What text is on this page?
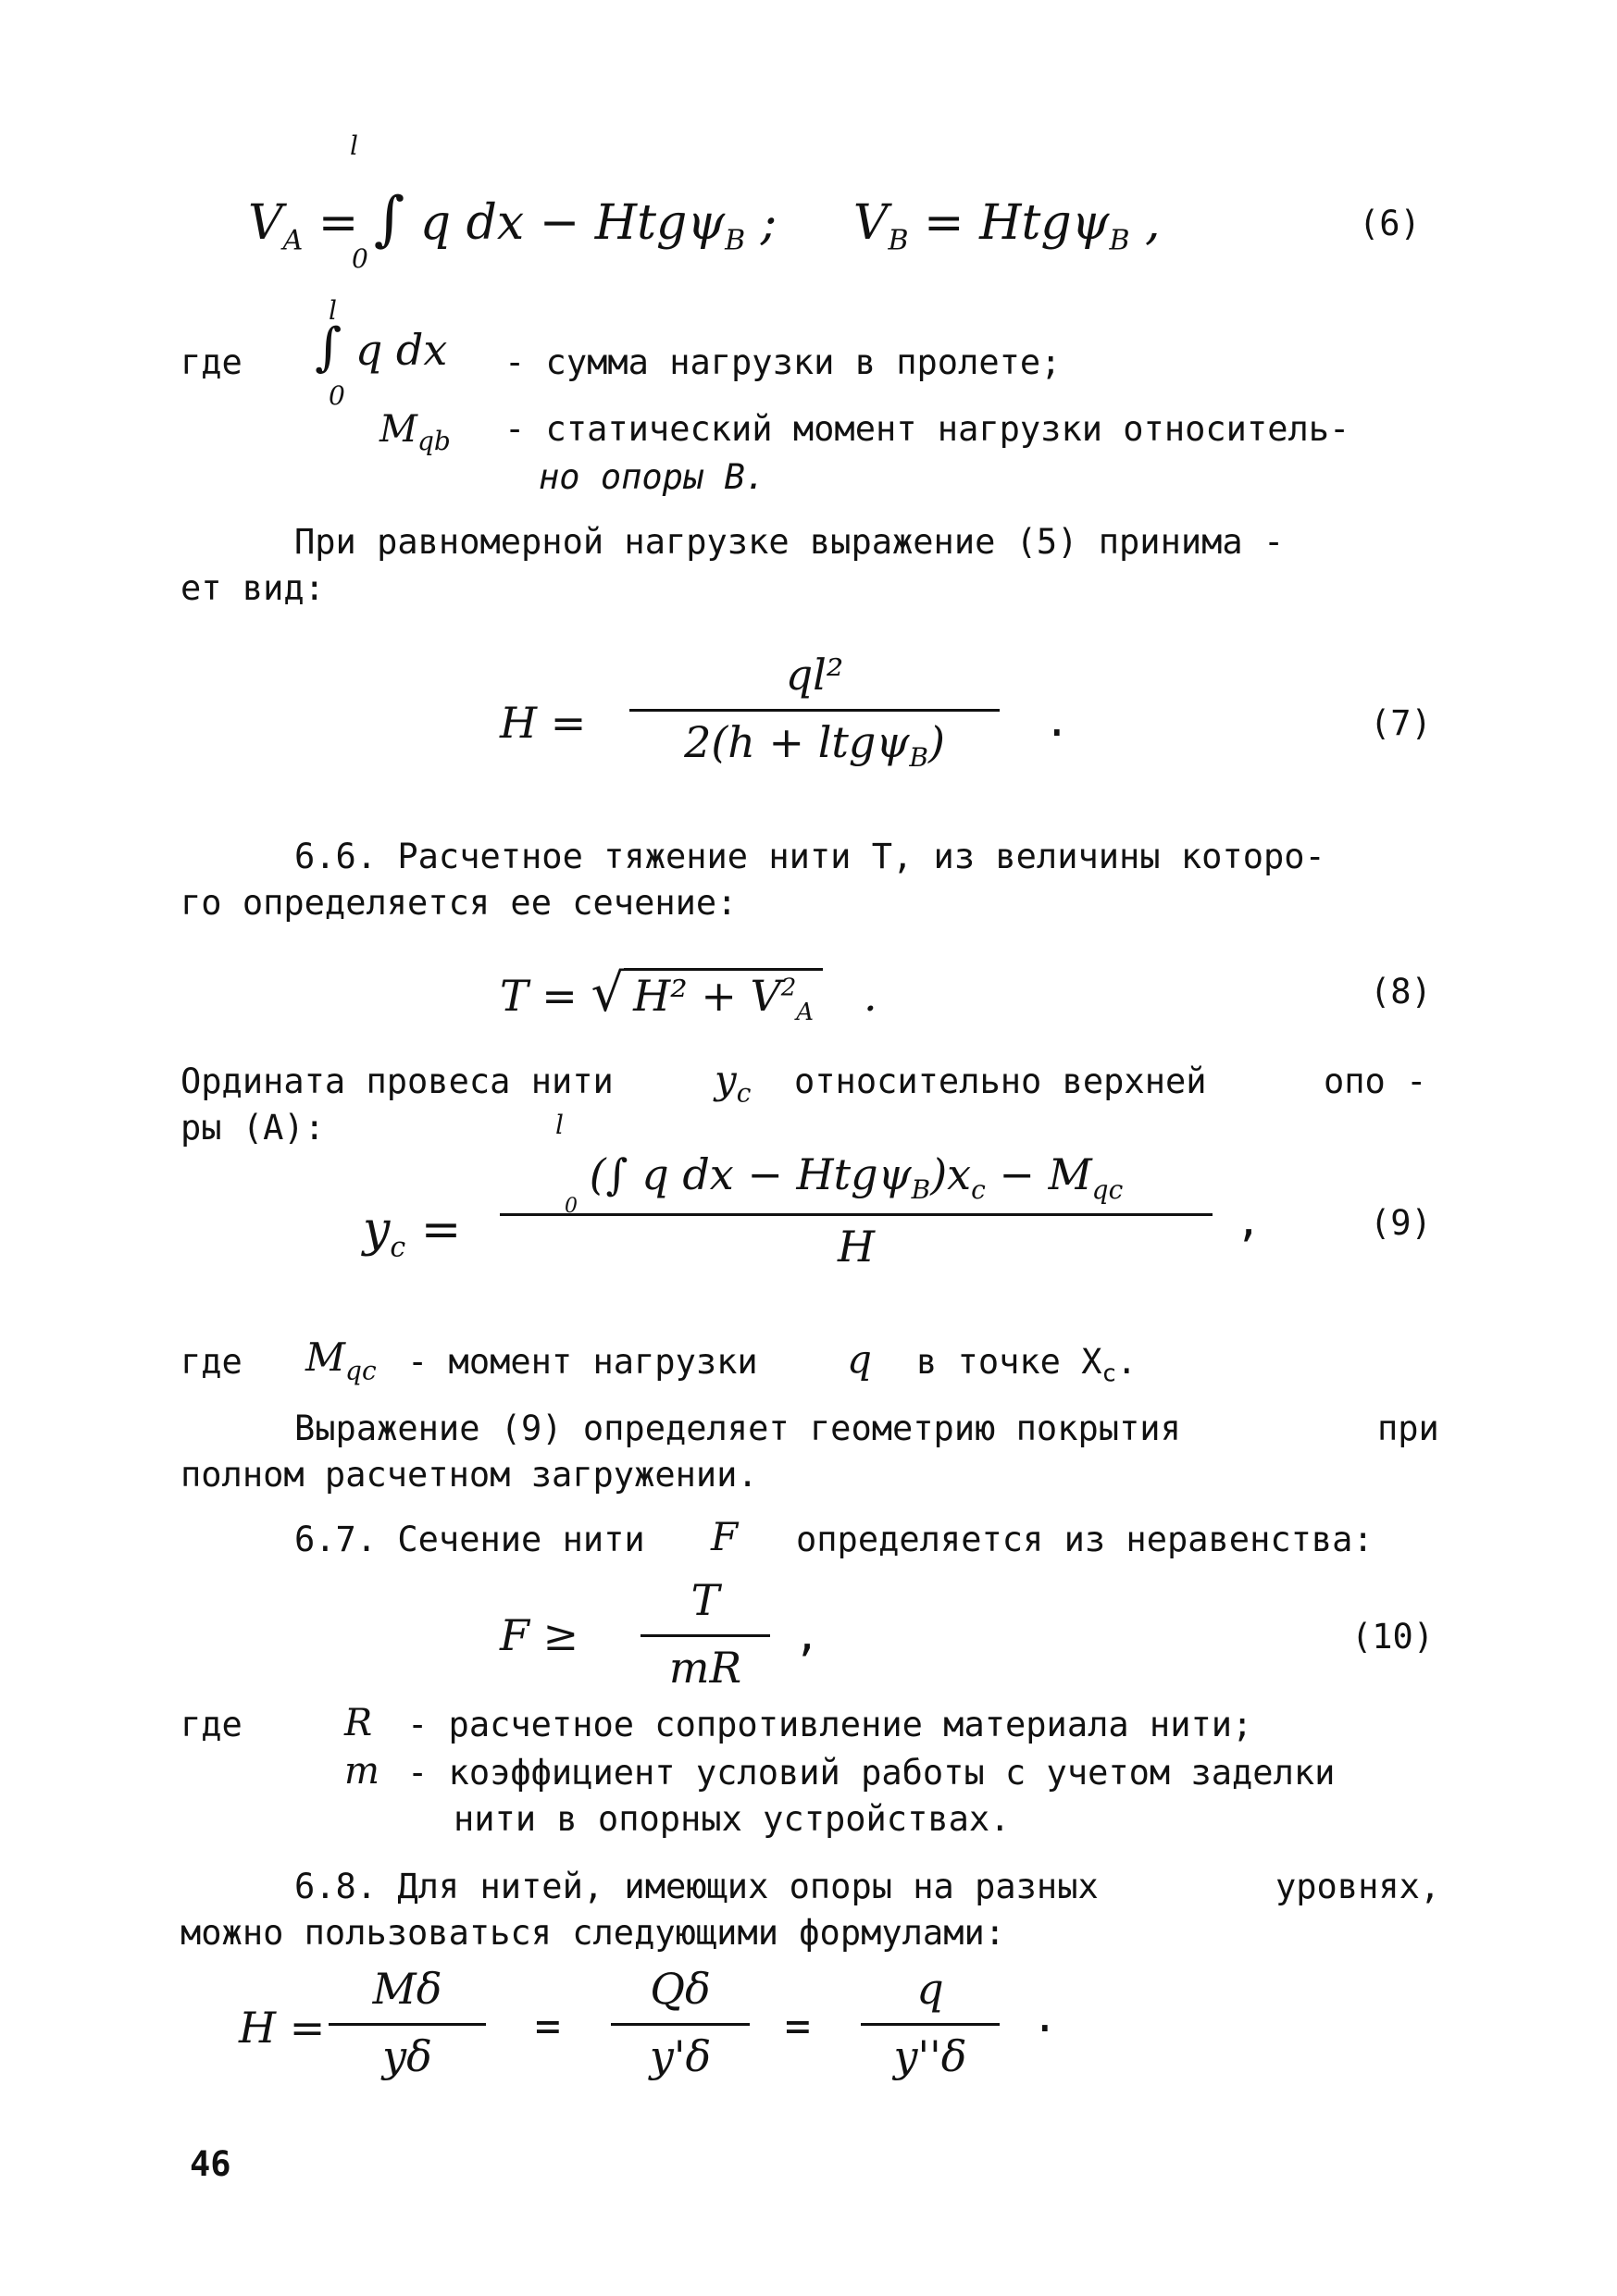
$V_A$ = ∫ q dx − Htgψ$_B$ ; $V_B = Htg\psi_B$ ,
l
0
(6)
где
l
∫ q dx
0
- сумма нагрузки в пролете;
$M_{qb}$ - статический момент нагрузки относитель-
но опоры В.
При равномерной нагрузке выражение (5) принима -
ет вид:
H =
ql²
2(h + ltgψ$_B$)	.	(7)
6.6. Расчетное тяжение нити Т, из величины которо-
го определяется ее сечение:
T = √ $H^2 + V^2_A$ .	(8)
Ордината провеса нити	$y_c$ относительно верхней	опо -
ры (А):
$y_c$ =
l
0
(∫ q dx − $Htg\psi_B)x_c - M_{qc}$
H
,	(9)
где $M_{qc}$ - момент нагрузки q в точке $X_c$.
Выражение (9) определяет геометрию покрытия	при
полном расчетном загружении.
6.7. Сечение нити F определяется из неравенства:
$F \ge \frac{T}{mR}$ ,	(10)
где	R - расчетное сопротивление материала нити;
m - коэффициент условий работы с учетом заделки
нити в опорных устройствах.
6.8. Для нитей, имеющих опоры на разных	уровнях,
можно пользоваться следующими формулами:
$H = \frac{M\delta}{y\delta} = \frac{Q\delta}{y'\delta} = \frac{q}{y''\delta}$ .
46
